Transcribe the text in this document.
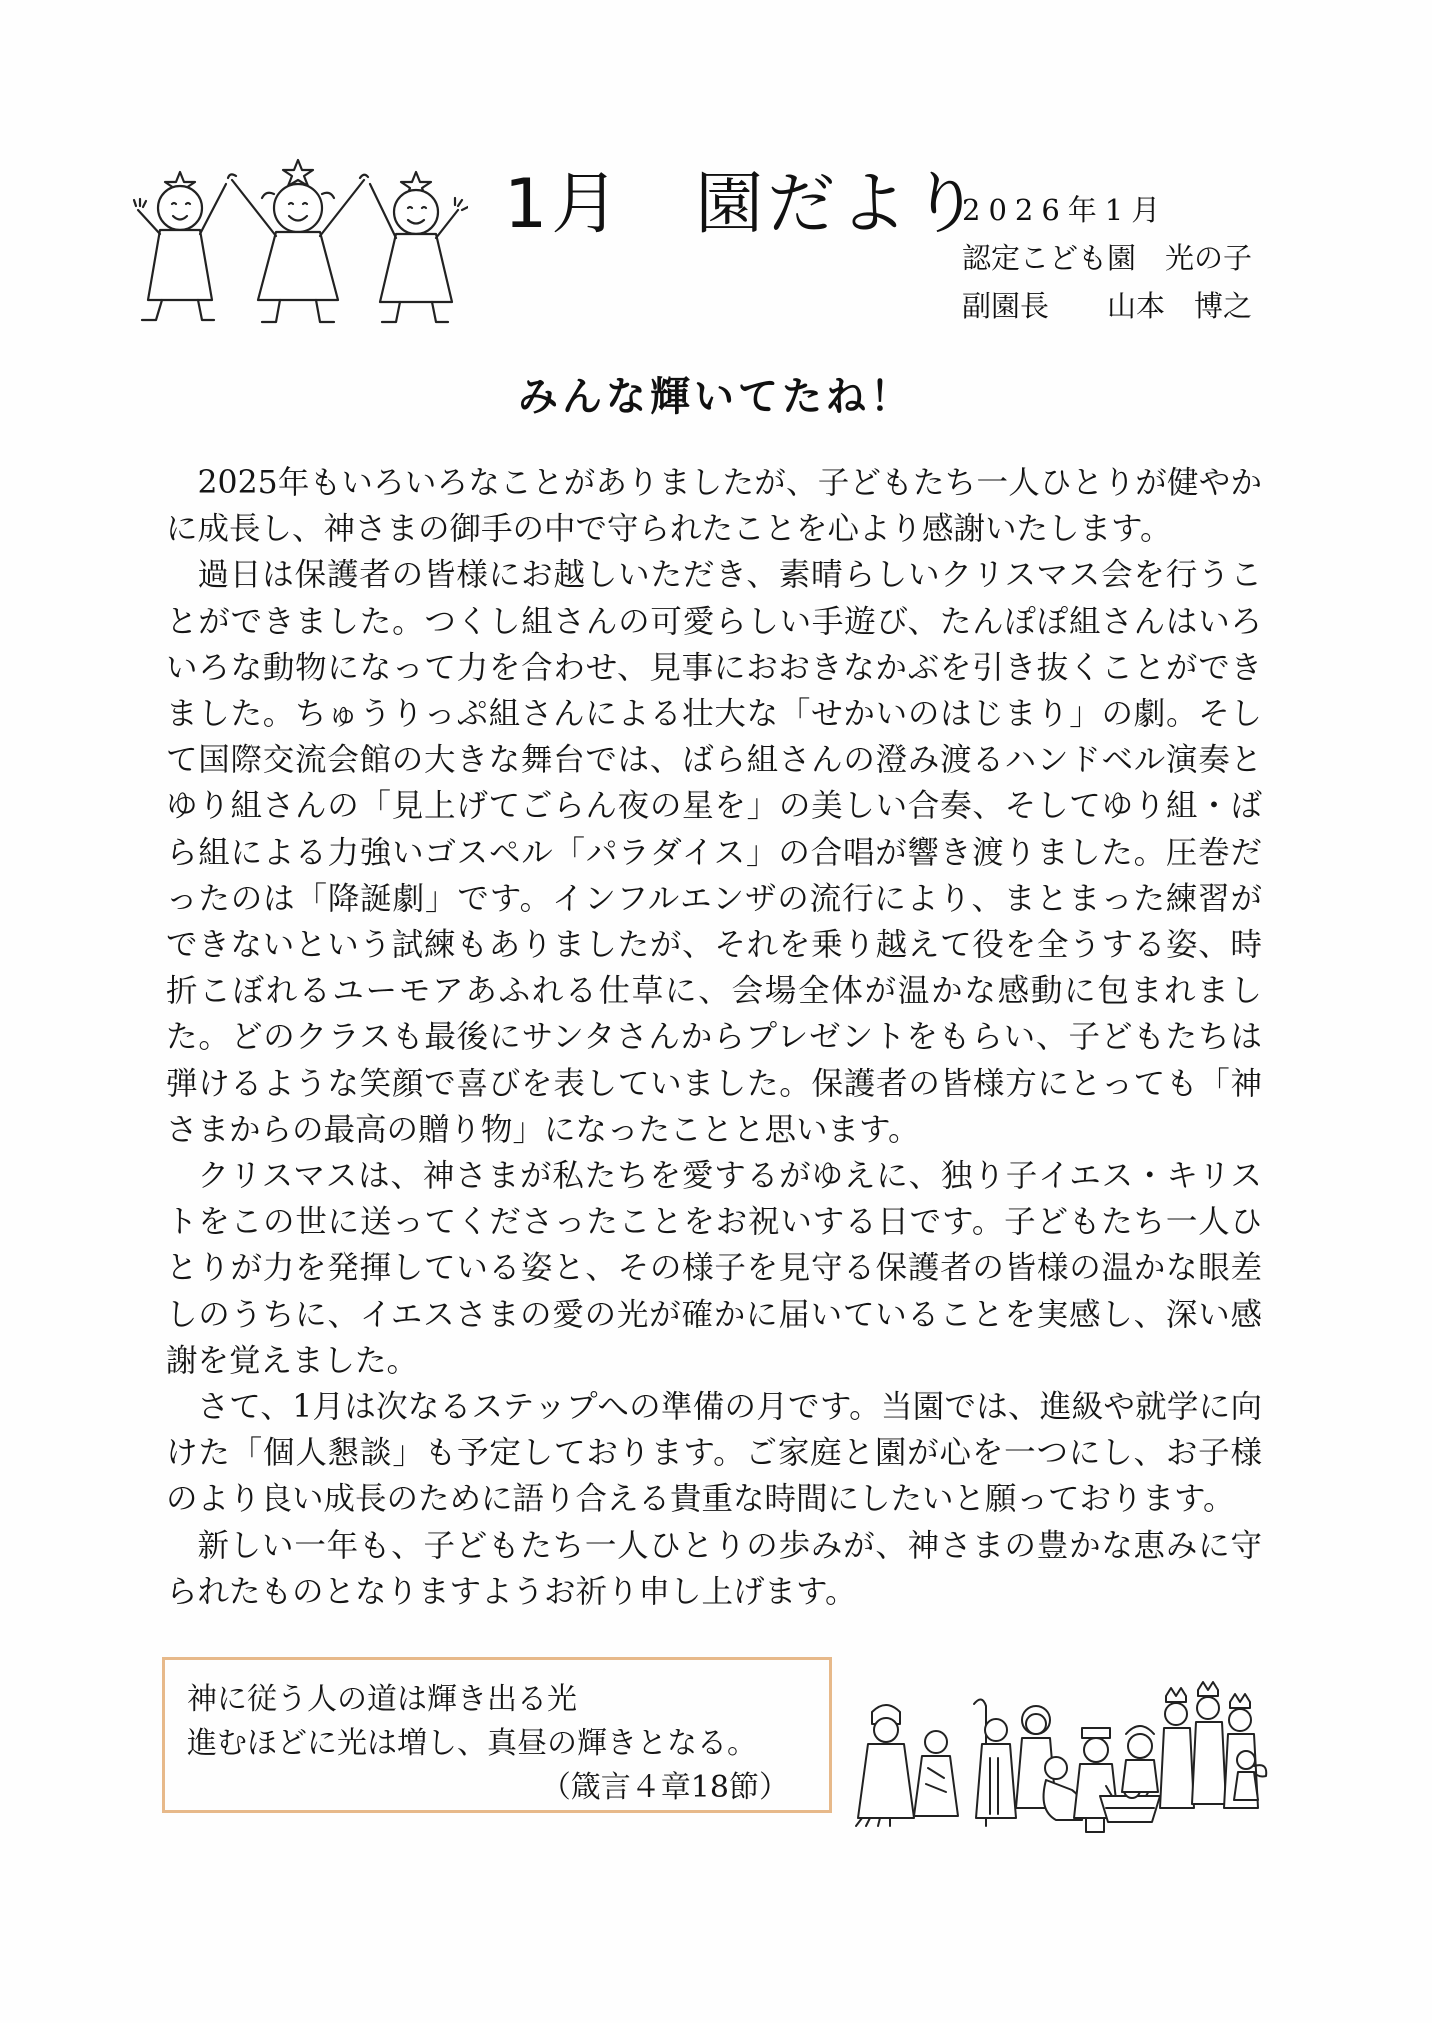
1月　園だより
2026年1月
認定こども園　光の子
副園長　　山本　博之
みんな輝いてたね！

2025年もいろいろなことがありましたが、子どもたち一人ひとりが健やかに成長し、神さまの御手の中で守られたことを心より感謝いたします。

過日は保護者の皆様にお越しいただき、素晴らしいクリスマス会を行うことができました。つくし組さんの可愛らしい手遊び、たんぽぽ組さんはいろいろな動物になって力を合わせ、見事におおきなかぶを引き抜くことができました。ちゅうりっぷ組さんによる壮大な「せかいのはじまり」の劇。そして国際交流会館の大きな舞台では、ばら組さんの澄み渡るハンドベル演奏とゆり組さんの「見上げてごらん夜の星を」の美しい合奏、そしてゆり組・ばら組による力強いゴスペル「パラダイス」の合唱が響き渡りました。圧巻だったのは「降誕劇」です。インフルエンザの流行により、まとまった練習ができないという試練もありましたが、それを乗り越えて役を全うする姿、時折こぼれるユーモアあふれる仕草に、会場全体が温かな感動に包まれました。どのクラスも最後にサンタさんからプレゼントをもらい、子どもたちは弾けるような笑顔で喜びを表していました。保護者の皆様方にとっても「神さまからの最高の贈り物」になったことと思います。

クリスマスは、神さまが私たちを愛するがゆえに、独り子イエス・キリストをこの世に送ってくださったことをお祝いする日です。子どもたち一人ひとりが力を発揮している姿と、その様子を見守る保護者の皆様の温かな眼差しのうちに、イエスさまの愛の光が確かに届いていることを実感し、深い感謝を覚えました。

さて、1月は次なるステップへの準備の月です。当園では、進級や就学に向けた「個人懇談」も予定しております。ご家庭と園が心を一つにし、お子様のより良い成長のために語り合える貴重な時間にしたいと願っております。

新しい一年も、子どもたち一人ひとりの歩みが、神さまの豊かな恵みに守られたものとなりますようお祈り申し上げます。

神に従う人の道は輝き出る光
進むほどに光は増し、真昼の輝きとなる。
（箴言４章18節）
